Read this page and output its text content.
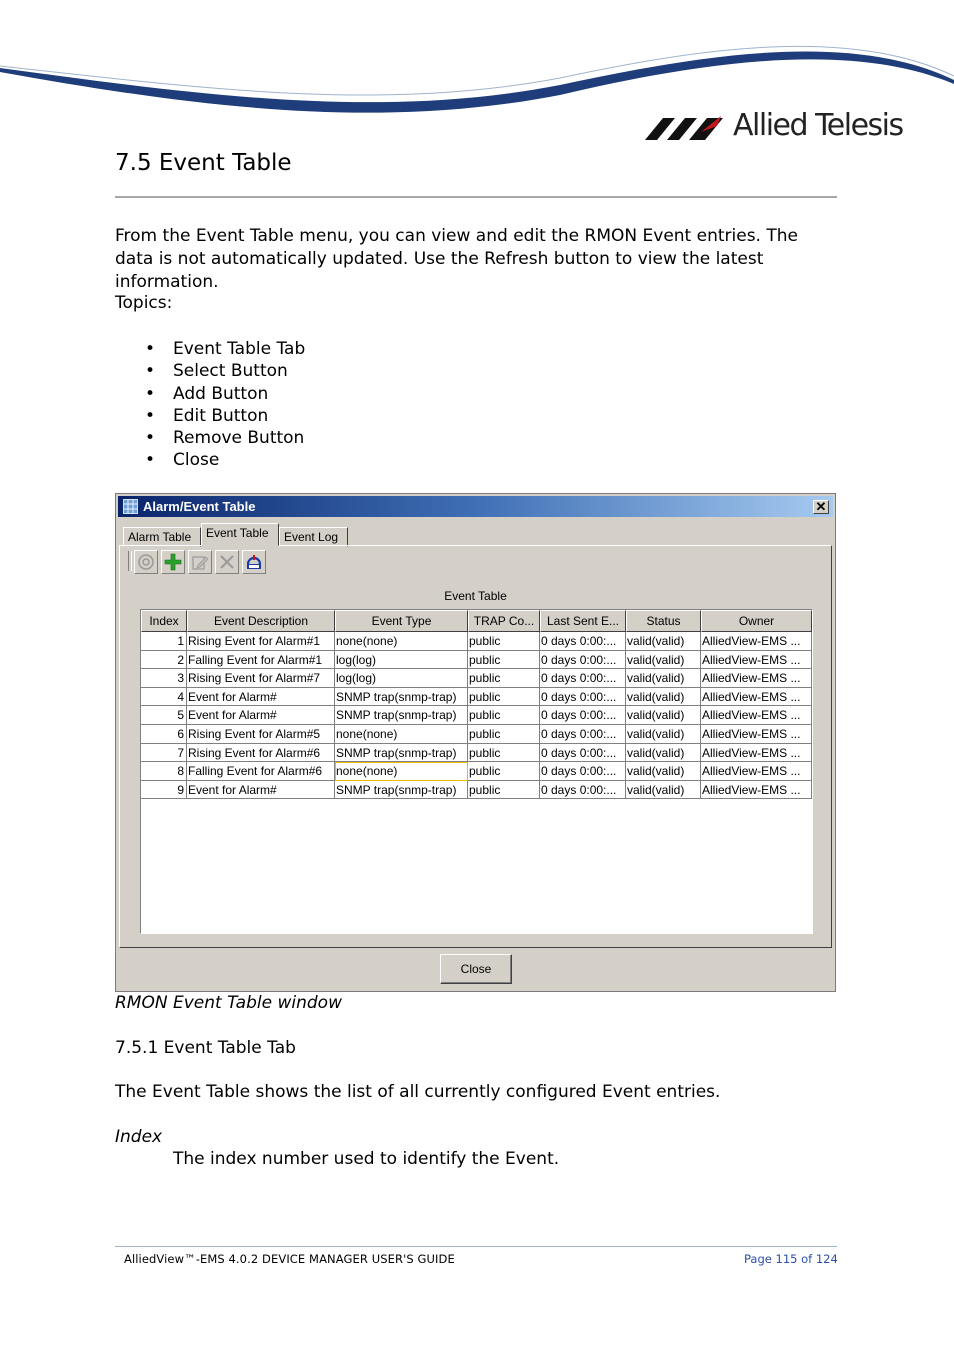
Allied Telesis
7.5 Event Table
From the Event Table menu, you can view and edit the RMON Event entries. The data is not automatically updated. Use the Refresh button to view the latest information.
Topics:
• Event Table Tab
• Select Button
• Add Button
• Edit Button
• Remove Button
• Close
Alarm/Event Table	✕
Alarm Table	Event Table	Event Log
Event Table
Index	Event Description	Event Type	TRAP Co...	Last Sent E...	Status	Owner
1 Rising Event for Alarm#1	none(none)	public	0 days 0:00:... valid(valid)	AlliedView-EMS ...
2 Falling Event for Alarm#1	log(log)	public	0 days 0:00:... valid(valid)	AlliedView-EMS ...
3 Rising Event for Alarm#7	log(log)	public	0 days 0:00:... valid(valid)	AlliedView-EMS ...
4 Event for Alarm#	SNMP trap(snmp-trap)	public	0 days 0:00:... valid(valid)	AlliedView-EMS ...
5 Event for Alarm#	SNMP trap(snmp-trap)	public	0 days 0:00:... valid(valid)	AlliedView-EMS ...
6 Rising Event for Alarm#5	none(none)	public	0 days 0:00:... valid(valid)	AlliedView-EMS ...
7 Rising Event for Alarm#6	SNMP trap(snmp-trap)	public	0 days 0:00:... valid(valid)	AlliedView-EMS ...
8 Falling Event for Alarm#6	none(none)	public	0 days 0:00:... valid(valid)	AlliedView-EMS ...
9 Event for Alarm#	SNMP trap(snmp-trap)	public	0 days 0:00:... valid(valid)	AlliedView-EMS ...
Close
RMON Event Table window
7.5.1 Event Table Tab
The Event Table shows the list of all currently configured Event entries.
Index
The index number used to identify the Event.
AlliedView™-EMS 4.0.2 DEVICE MANAGER USER'S GUIDE	Page 115 of 124
